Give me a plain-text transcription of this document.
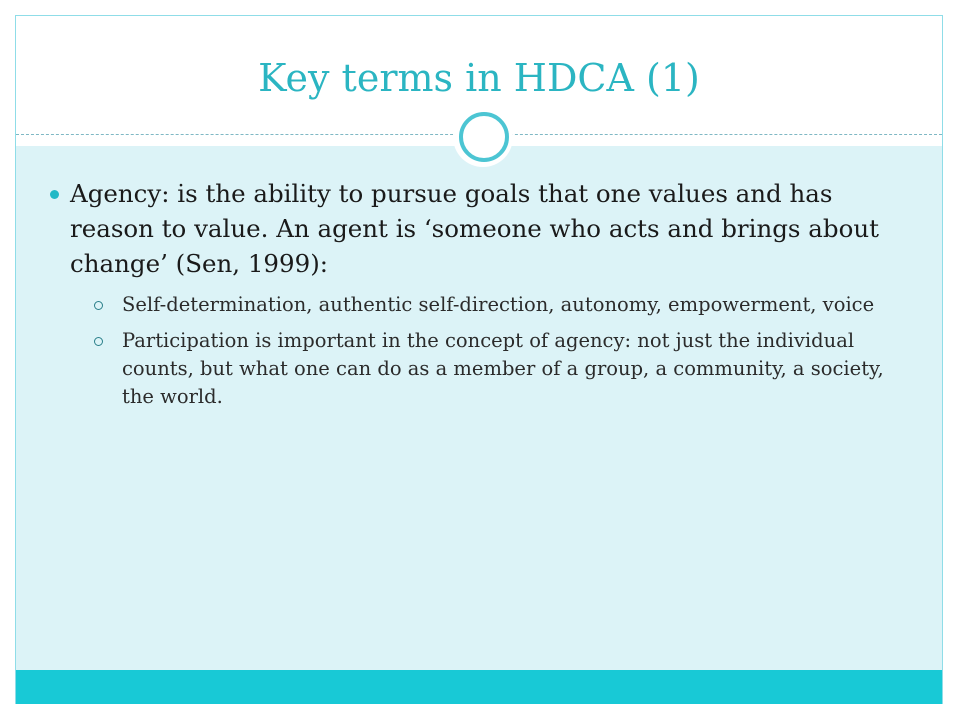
Key terms in HDCA (1)
Agency: is the ability to pursue goals that one values and has reason to value. An agent is ‘someone who acts and brings about change’ (Sen, 1999):
Self-determination, authentic self-direction, autonomy, empowerment, voice
Participation is important in the concept of agency: not just the individual counts, but what one can do as a member of a group, a community, a society, the world.
